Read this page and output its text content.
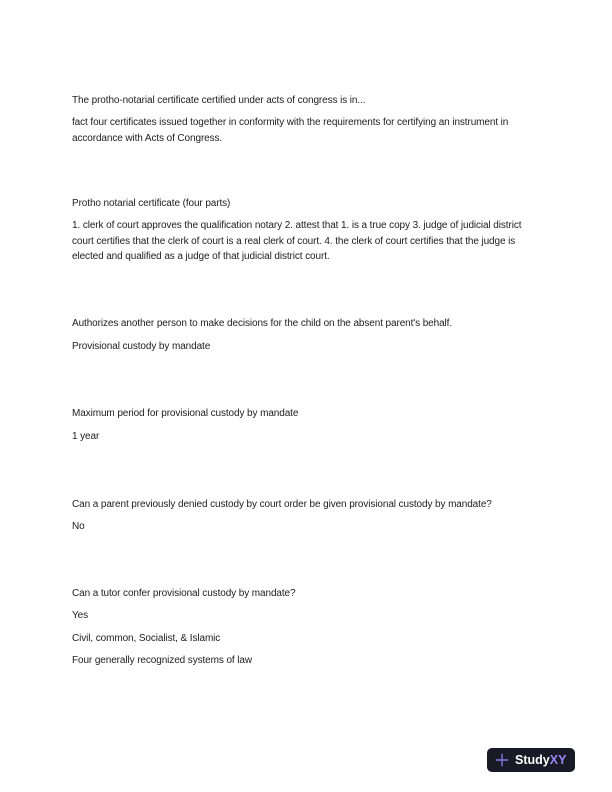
The protho-notarial certificate certified under acts of congress is in...
fact four certificates issued together in conformity with the requirements for certifying an instrument in accordance with Acts of Congress.
Protho notarial certificate (four parts)
1. clerk of court approves the qualification notary 2. attest that 1. is a true copy 3. judge of judicial district court certifies that the clerk of court is a real clerk of court. 4. the clerk of court certifies that the judge is elected and qualified as a judge of that judicial district court.
Authorizes another person to make decisions for the child on the absent parent's behalf.
Provisional custody by mandate
Maximum period for provisional custody by mandate
1 year
Can a parent previously denied custody by court order be given provisional custody by mandate?
No
Can a tutor confer provisional custody by mandate?
Yes
Civil, common, Socialist, & Islamic
Four generally recognized systems of law
StudyXY
